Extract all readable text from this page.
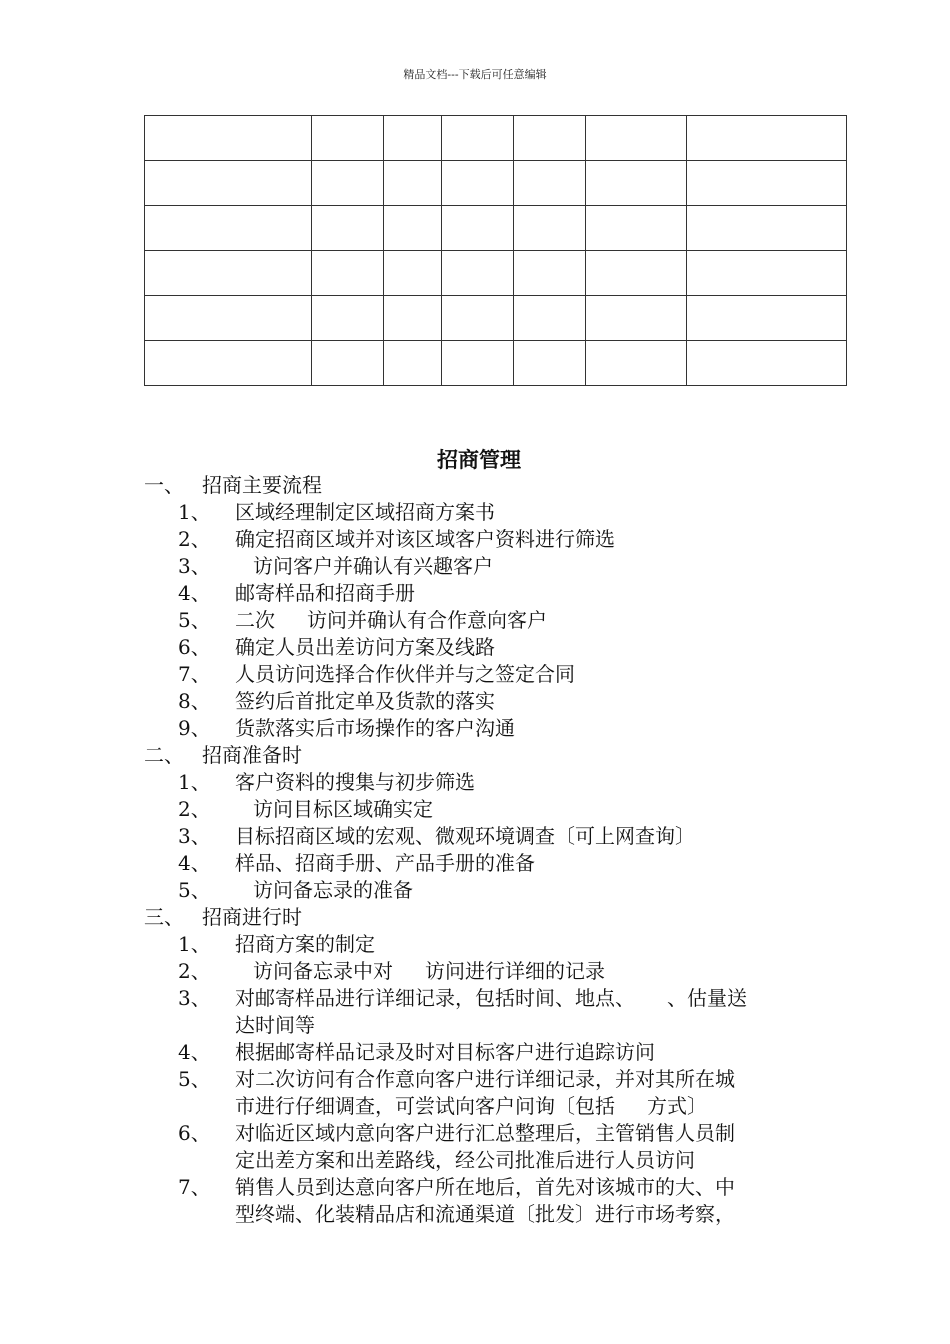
精品文档---下载后可任意编辑

招商管理
一、 招商主要流程
1、 区域经理制定区域招商方案书
2、 确定招商区域并对该区域客户资料进行筛选
3、	访问客户并确认有兴趣客户
4、 邮寄样品和招商手册
5、 二次 访问并确认有合作意向客户
6、 确定人员出差访问方案及线路
7、 人员访问选择合作伙伴并与之签定合同
8、 签约后首批定单及货款的落实
9、 货款落实后市场操作的客户沟通
二、 招商准备时
1、 客户资料的搜集与初步筛选
2、	访问目标区域确实定
3、 目标招商区域的宏观、微观环境调查〔可上网查询〕
4、 样品、招商手册、产品手册的准备
5、	访问备忘录的准备
三、 招商进行时
1、 招商方案的制定
2、	访问备忘录中对 访问进行详细的记录
3、 对邮寄样品进行详细记录，包括时间、地点、 、估量送
达时间等
4、 根据邮寄样品记录及时对目标客户进行追踪访问
5、 对二次访问有合作意向客户进行详细记录，并对其所在城
市进行仔细调查，可尝试向客户问询〔包括 方式〕
6、 对临近区域内意向客户进行汇总整理后，主管销售人员制
定出差方案和出差路线，经公司批准后进行人员访问
7、 销售人员到达意向客户所在地后，首先对该城市的大、中
型终端、化装精品店和流通渠道〔批发〕进行市场考察，
